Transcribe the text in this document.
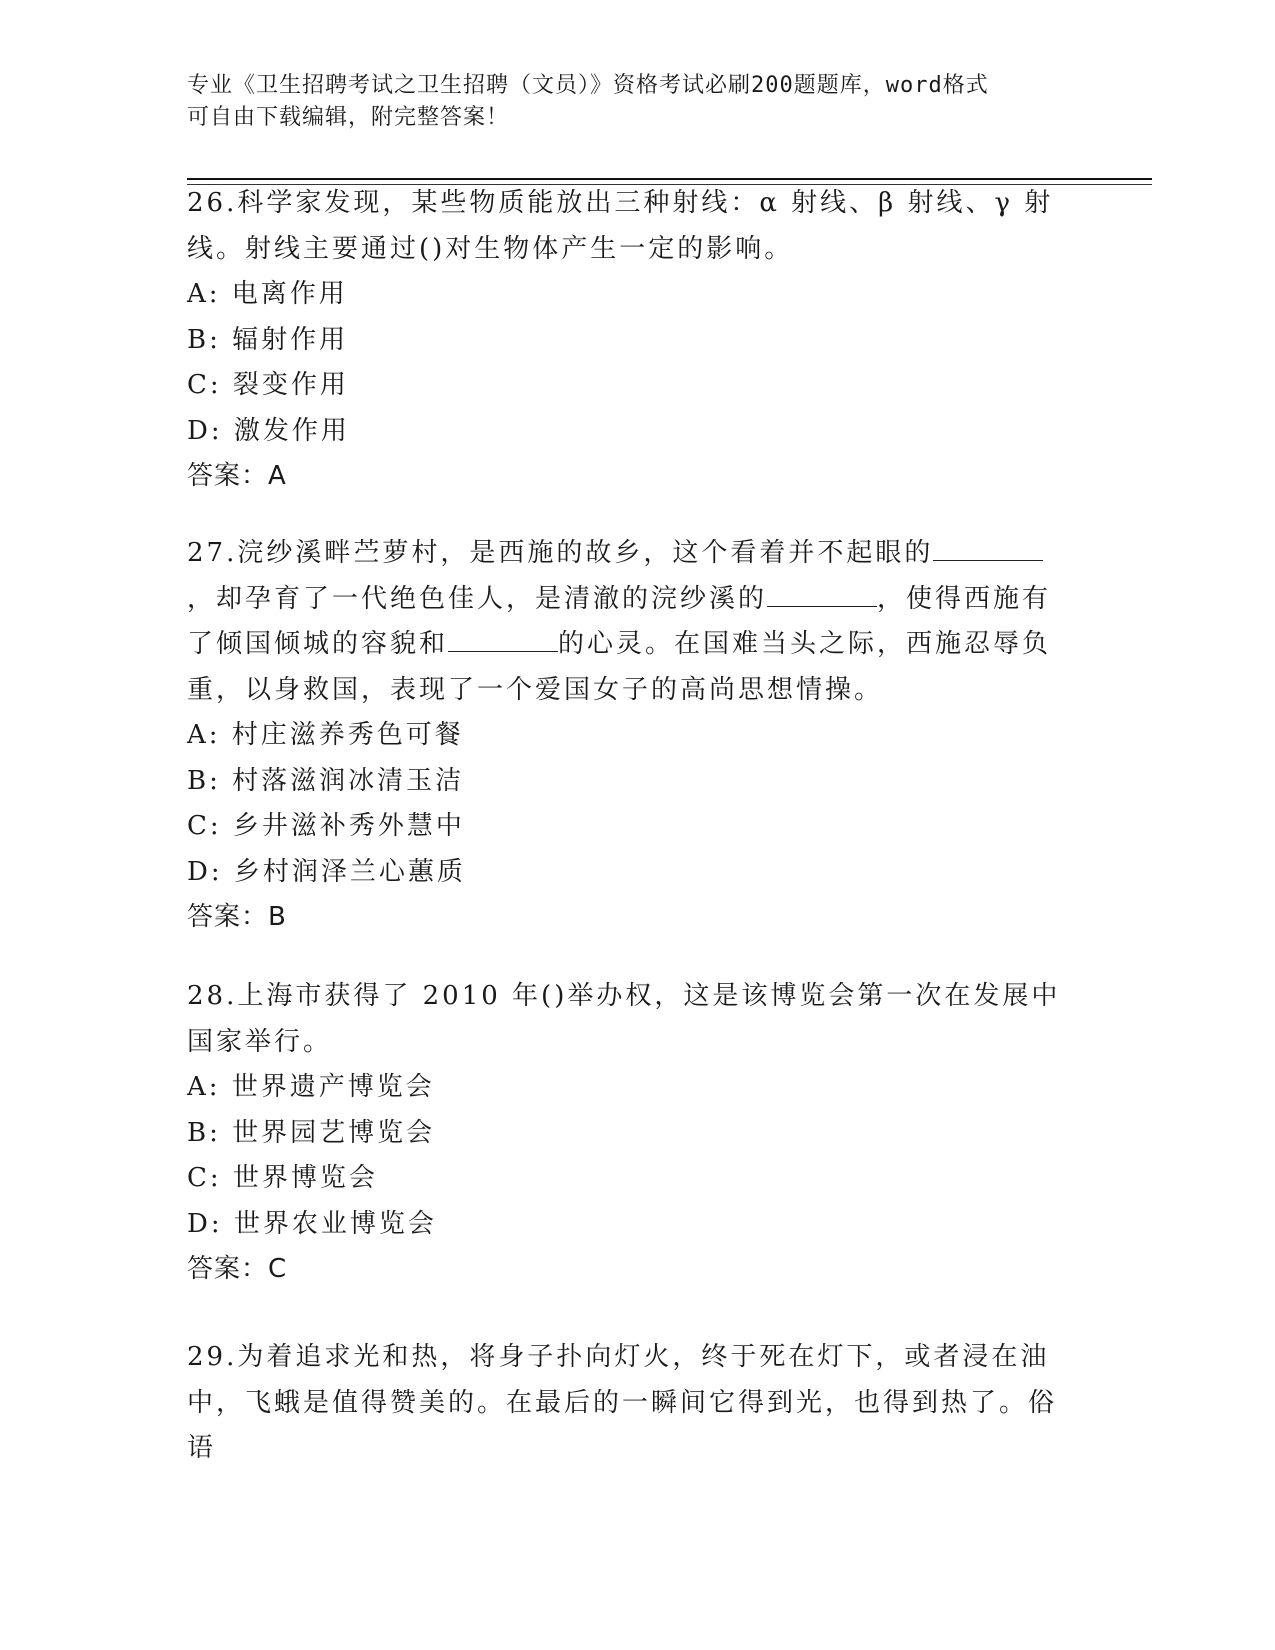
专业《卫生招聘考试之卫生招聘（文员）》资格考试必刷200题题库，word格式
可自由下载编辑，附完整答案！

26.科学家发现，某些物质能放出三种射线：α 射线、β 射线、γ 射线。射线主要通过()对生物体产生一定的影响。

A: 电离作用
B: 辐射作用
C: 裂变作用
D: 激发作用
答案：A

27.浣纱溪畔苎萝村，是西施的故乡，这个看着并不起眼的，却孕育了一代绝色佳人，是清澈的浣纱溪的	，使得西施有了倾国倾城的容貌和	的心灵。在国难当头之际，西施忍辱负重，以身救国，表现了一个爱国女子的高尚思想情操。

A: 村庄滋养秀色可餐
B: 村落滋润冰清玉洁
C: 乡井滋补秀外慧中
D: 乡村润泽兰心蕙质
答案：B

28.上海市获得了 2010 年()举办权，这是该博览会第一次在发展中国家举行。

A: 世界遗产博览会
B: 世界园艺博览会
C: 世界博览会
D: 世界农业博览会
答案：C

29.为着追求光和热，将身子扑向灯火，终于死在灯下，或者浸在油中，飞蛾是值得赞美的。在最后的一瞬间它得到光，也得到热了。俗语
